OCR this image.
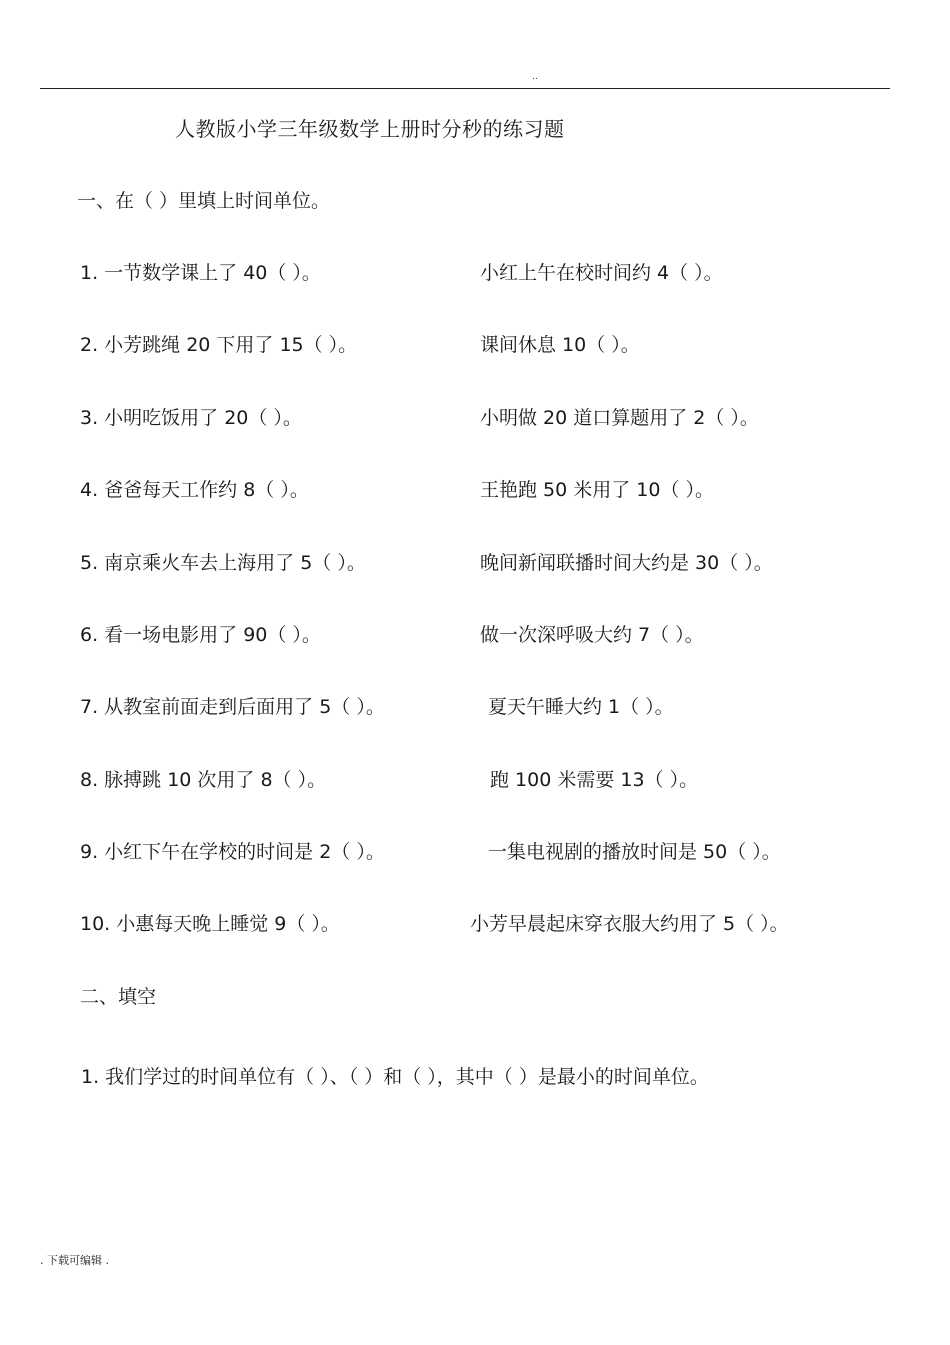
..
人教版小学三年级数学上册时分秒的练习题
一、在（ ）里填上时间单位。
1. 一节数学课上了 40（ ）。	小红上午在校时间约 4（ ）。
2. 小芳跳绳 20 下用了 15（ ）。	课间休息 10（ ）。
3. 小明吃饭用了 20（ ）。	小明做 20 道口算题用了 2（ ）。
4. 爸爸每天工作约 8（ ）。	王艳跑 50 米用了 10（ ）。
5. 南京乘火车去上海用了 5（ ）。	晚间新闻联播时间大约是 30（ ）。
6. 看一场电影用了 90（ ）。	做一次深呼吸大约 7（ ）。
7. 从教室前面走到后面用了 5（ ）。	夏天午睡大约 1（ ）。
8. 脉搏跳 10 次用了 8（ ）。	跑 100 米需要 13（ ）。
9. 小红下午在学校的时间是 2（ ）。	一集电视剧的播放时间是 50（ ）。
10. 小惠每天晚上睡觉 9（ ）。	小芳早晨起床穿衣服大约用了 5（ ）。
二、填空
1. 我们学过的时间单位有（ ）、（ ）和（ ），其中（ ）是最小的时间单位。
. 下载可编辑 .
